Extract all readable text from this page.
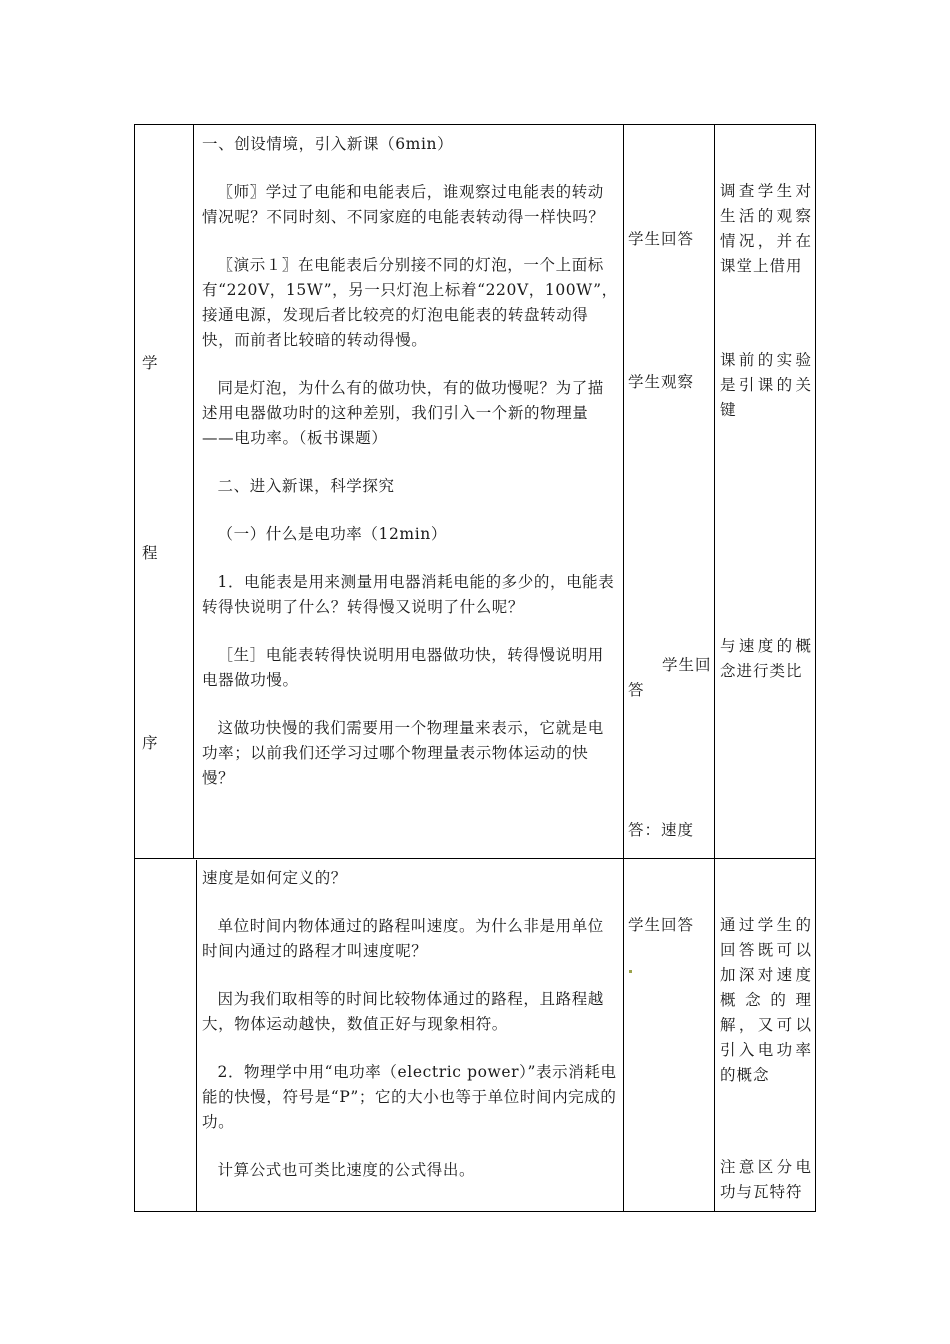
学
程
序

一、创设情境，引入新课（6min）

〖师〗学过了电能和电能表后，谁观察过电能表的转动情况呢？不同时刻、不同家庭的电能表转动得一样快吗？

〖演示１〗在电能表后分别接不同的灯泡，一个上面标有“220V，15W”，另一只灯泡上标着“220V，100W”，接通电源，发现后者比较亮的灯泡电能表的转盘转动得快，而前者比较暗的转动得慢。

同是灯泡，为什么有的做功快，有的做功慢呢？为了描述用电器做功时的这种差别，我们引入一个新的物理量——电功率。（板书课题）

二、进入新课，科学探究

（一）什么是电功率（12min）

1．电能表是用来测量用电器消耗电能的多少的，电能表转得快说明了什么？转得慢又说明了什么呢？

［生］电能表转得快说明用电器做功快，转得慢说明用电器做功慢。

这做功快慢的我们需要用一个物理量来表示，它就是电功率；以前我们还学习过哪个物理量表示物体运动的快慢？

学生回答
学生观察
学生回
答
答：速度
调查学生对生活的观察情况，并在课堂上借用
课前的实验是引课的关键
与速度的概念进行类比

速度是如何定义的？

单位时间内物体通过的路程叫速度。为什么非是用单位时间内通过的路程才叫速度呢？

因为我们取相等的时间比较物体通过的路程，且路程越大，物体运动越快，数值正好与现象相符。

2．物理学中用“电功率（electric power）”表示消耗电能的快慢，符号是“P”；它的大小也等于单位时间内完成的功。

计算公式也可类比速度的公式得出。

学生回答	通过学生的回答既可以加深对速度概念的理解，又可以引入电功率的概念
注意区分电功与瓦特符
